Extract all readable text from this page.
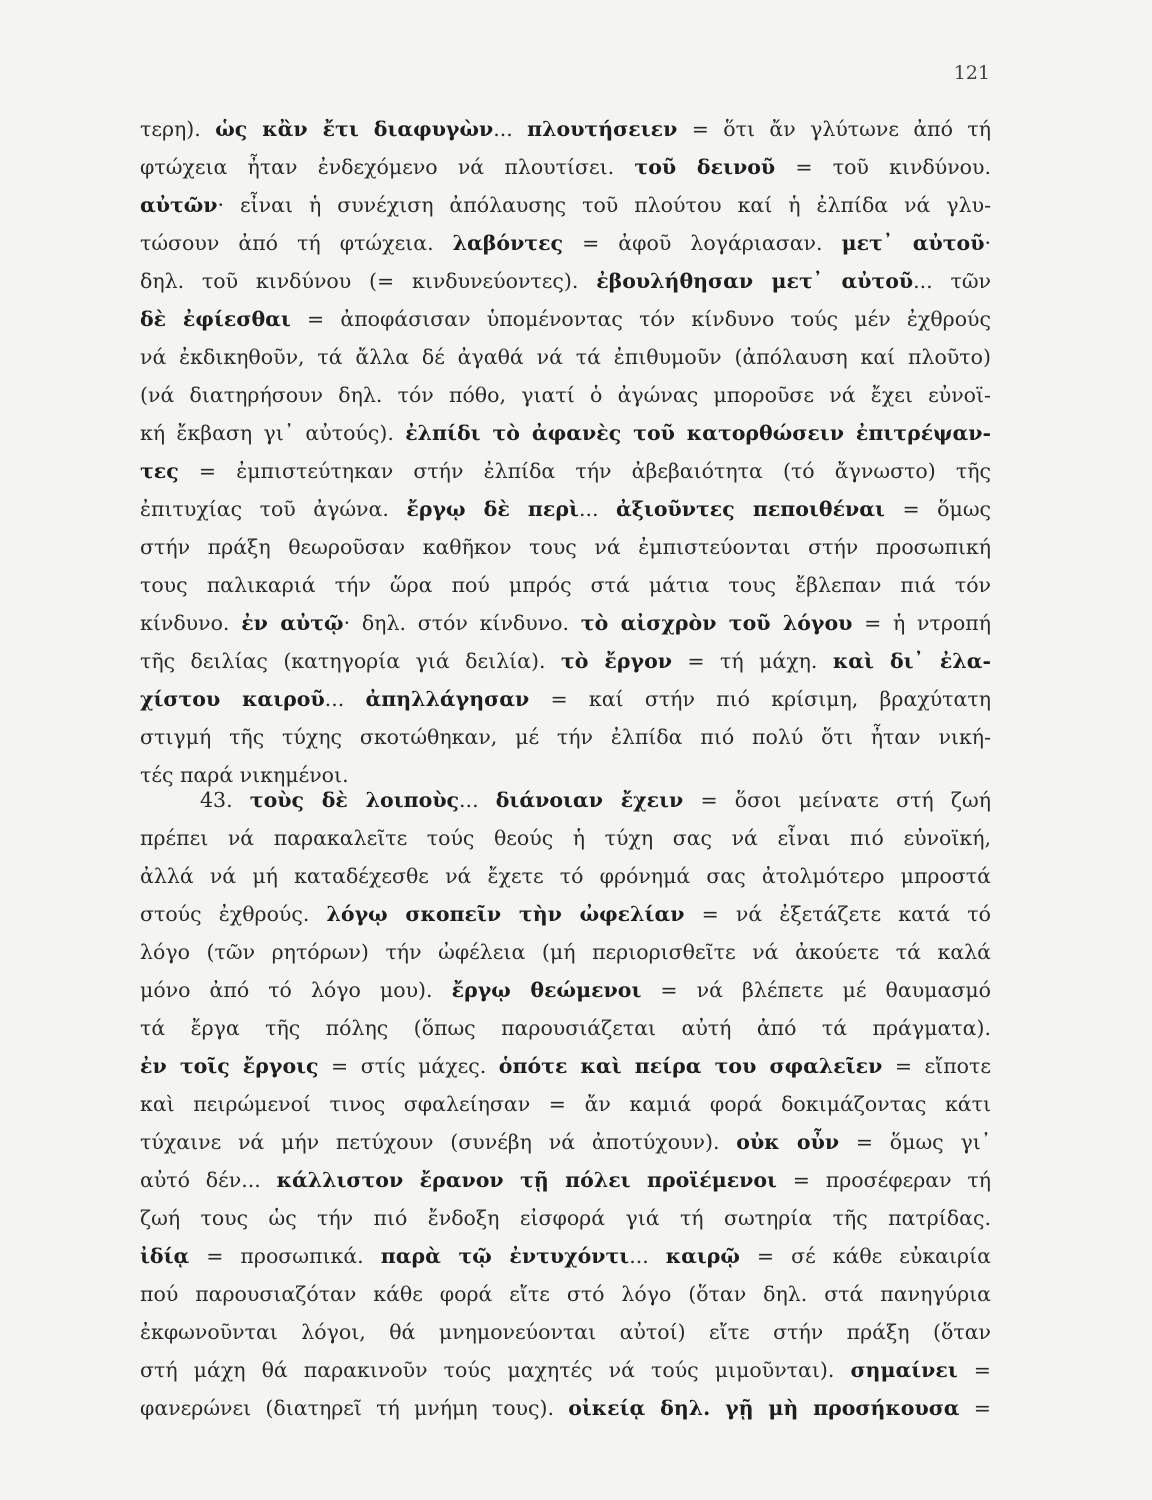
121
τερη). ὡς κἂν ἔτι διαφυγὼν... πλουτήσειεν = ὅτι ἄν γλύτωνε ἀπό τή
φτώχεια ἦταν ἐνδεχόμενο νά πλουτίσει. τοῦ δεινοῦ = τοῦ κινδύνου.
αὐτῶν· εἶναι ἡ συνέχιση ἀπόλαυσης τοῦ πλούτου καί ἡ ἐλπίδα νά γλυ-
τώσουν ἀπό τή φτώχεια. λαβόντες = ἀφοῦ λογάριασαν. μετ᾽ αὐτοῦ·
δηλ. τοῦ κινδύνου (= κινδυνεύοντες). ἐβουλήθησαν μετ᾽ αὐτοῦ... τῶν
δὲ ἐφίεσθαι = ἀποφάσισαν ὑπομένοντας τόν κίνδυνο τούς μέν ἐχθρούς
νά ἐκδικηθοῦν, τά ἄλλα δέ ἀγαθά νά τά ἐπιθυμοῦν (ἀπόλαυση καί πλοῦτο)
(νά διατηρήσουν δηλ. τόν πόθο, γιατί ὁ ἀγώνας μποροῦσε νά ἔχει εὐνοϊ-
κή ἔκβαση γι᾽ αὐτούς). ἐλπίδι τὸ ἀφανὲς τοῦ κατορθώσειν ἐπιτρέψαν-
τες = ἐμπιστεύτηκαν στήν ἐλπίδα τήν ἀβεβαιότητα (τό ἄγνωστο) τῆς
ἐπιτυχίας τοῦ ἀγώνα. ἔργῳ δὲ περὶ... ἀξιοῦντες πεποιθέναι = ὅμως
στήν πράξη θεωροῦσαν καθῆκον τους νά ἐμπιστεύονται στήν προσωπική
τους παλικαριά τήν ὥρα πού μπρός στά μάτια τους ἔβλεπαν πιά τόν
κίνδυνο. ἐν αὐτῷ· δηλ. στόν κίνδυνο. τὸ αἰσχρὸν τοῦ λόγου = ἡ ντροπή
τῆς δειλίας (κατηγορία γιά δειλία). τὸ ἔργον = τή μάχη. καὶ δι᾽ ἐλα-
χίστου καιροῦ... ἀπηλλάγησαν = καί στήν πιό κρίσιμη, βραχύτατη
στιγμή τῆς τύχης σκοτώθηκαν, μέ τήν ἐλπίδα πιό πολύ ὅτι ἦταν νική-
τές παρά νικημένοι.
43. τοὺς δὲ λοιποὺς... διάνοιαν ἔχειν = ὅσοι μείνατε στή ζωή
πρέπει νά παρακαλεῖτε τούς θεούς ἡ τύχη σας νά εἶναι πιό εὐνοϊκή,
ἀλλά νά μή καταδέχεσθε νά ἔχετε τό φρόνημά σας ἀτολμότερο μπροστά
στούς ἐχθρούς. λόγῳ σκοπεῖν τὴν ὠφελίαν = νά ἐξετάζετε κατά τό
λόγο (τῶν ρητόρων) τήν ὠφέλεια (μή περιορισθεῖτε νά ἀκούετε τά καλά
μόνο ἀπό τό λόγο μου). ἔργῳ θεώμενοι = νά βλέπετε μέ θαυμασμό
τά ἔργα τῆς πόλης (ὅπως παρουσιάζεται αὐτή ἀπό τά πράγματα).
ἐν τοῖς ἔργοις = στίς μάχες. ὁπότε καὶ πείρα του σφαλεῖεν = εἴποτε
καὶ πειρώμενοί τινος σφαλείησαν = ἄν καμιά φορά δοκιμάζοντας κάτι
τύχαινε νά μήν πετύχουν (συνέβη νά ἀποτύχουν). οὐκ οὖν = ὅμως γι᾽
αὐτό δέν... κάλλιστον ἔρανον τῇ πόλει προϊέμενοι = προσέφεραν τή
ζωή τους ὡς τήν πιό ἔνδοξη εἰσφορά γιά τή σωτηρία τῆς πατρίδας.
ἰδίᾳ = προσωπικά. παρὰ τῷ ἐντυχόντι... καιρῷ = σέ κάθε εὐκαιρία
πού παρουσιαζόταν κάθε φορά εἴτε στό λόγο (ὅταν δηλ. στά πανηγύρια
ἐκφωνοῦνται λόγοι, θά μνημονεύονται αὐτοί) εἴτε στήν πράξη (ὅταν
στή μάχη θά παρακινοῦν τούς μαχητές νά τούς μιμοῦνται). σημαίνει =
φανερώνει (διατηρεῖ τή μνήμη τους). οἰκείᾳ δηλ. γῇ μὴ προσήκουσα =
